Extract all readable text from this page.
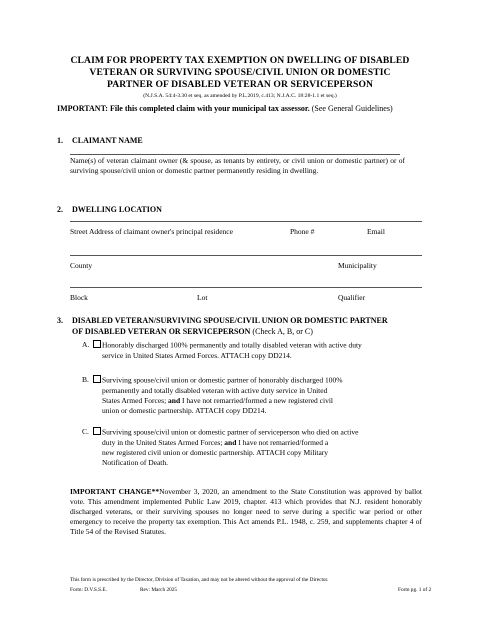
CLAIM FOR PROPERTY TAX EXEMPTION ON DWELLING OF DISABLED
VETERAN OR SURVIVING SPOUSE/CIVIL UNION OR DOMESTIC
PARTNER OF DISABLED VETERAN OR SERVICEPERSON
(N.J.S.A. 54:4-3.30 et seq. as amended by P.L.2019, c.413; N.J.A.C. 18:28-1.1 et seq.)
IMPORTANT: File this completed claim with your municipal tax assessor. (See General Guidelines)
1. CLAIMANT NAME
Name(s) of veteran claimant owner (& spouse, as tenants by entirety, or civil union or domestic partner) or of surviving spouse/civil union or domestic partner permanently residing in dwelling.
2. DWELLING LOCATION
Street Address of claimant owner's principal residence	Phone #	Email
County	Municipality
Block	Lot	Qualifier
3. DISABLED VETERAN/SURVIVING SPOUSE/CIVIL UNION OR DOMESTIC PARTNER
OF DISABLED VETERAN OR SERVICEPERSON (Check A, B, or C)
A.	Honorably discharged 100% permanently and totally disabled veteran with active duty
service in United States Armed Forces. ATTACH copy DD214.
B.	Surviving spouse/civil union or domestic partner of honorably discharged 100%
permanently and totally disabled veteran with active duty service in United
States Armed Forces; and I have not remarried/formed a new registered civil
union or domestic partnership. ATTACH copy DD214.
C.	Surviving spouse/civil union or domestic partner of serviceperson who died on active
duty in the United States Armed Forces; and I have not remarried/formed a
new registered civil union or domestic partnership. ATTACH copy Military
Notification of Death.
IMPORTANT CHANGE**November 3, 2020, an amendment to the State Constitution was approved by ballot vote. This amendment implemented Public Law 2019, chapter. 413 which provides that N.J. resident honorably discharged veterans, or their surviving spouses no longer need to serve during a specific war period or other emergency to receive the property tax exemption. This Act amends P.L. 1948, c. 259, and supplements chapter 4 of Title 54 of the Revised Statutes.
This form is prescribed by the Director, Division of Taxation, and may not be altered without the approval of the Director.
Form: D.V.S.S.E.	Rev: March 2025	Form pg. 1 of 2
